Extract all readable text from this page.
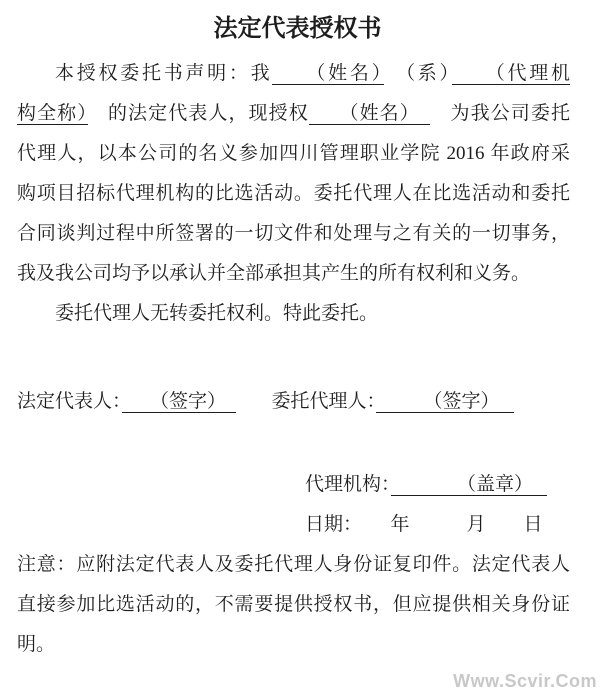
法定代表授权书
本授权委托书声明：我　　（姓名）　（系）　　（代理机
构全称）　的法定代表人，现授权　　（姓名）　　为我公司委托
代理人，以本公司的名义参加四川管理职业学院 2016 年政府采
购项目招标代理机构的比选活动。委托代理人在比选活动和委托
合同谈判过程中所签署的一切文件和处理与之有关的一切事务，
我及我公司均予以承认并全部承担其产生的所有权利和义务。
委托代理人无转委托权利。特此委托。
法定代表人：　　（签字）　委托代理人：　　　（签字）
代理机构：　　　　（盖章）
日期：　　年　　　月　　日
注意：应附法定代表人及委托代理人身份证复印件。法定代表人
直接参加比选活动的，不需要提供授权书，但应提供相关身份证
明。
Www.Scvir.Com
